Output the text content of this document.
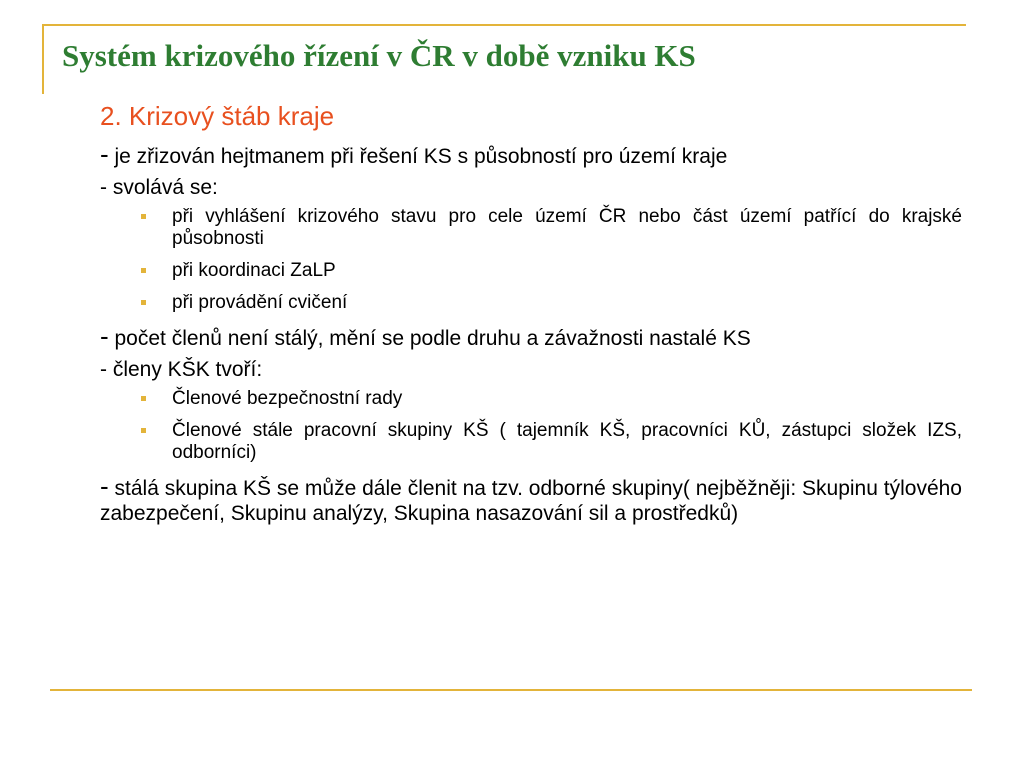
Systém krizového řízení v ČR v době vzniku KS
2. Krizový štáb kraje

- je zřizován hejtmanem při řešení KS s působností pro území kraje

- svolává se:

při vyhlášení krizového stavu pro cele území ČR nebo část území patřící do krajské působnosti
při koordinaci ZaLP
při provádění cvičení

- počet členů není stálý, mění se podle druhu a závažnosti nastalé KS

- členy KŠK tvoří:

Členové bezpečnostní rady
Členové stále pracovní skupiny KŠ ( tajemník KŠ, pracovníci KŮ, zástupci složek IZS, odborníci)

- stálá skupina KŠ se může dále členit na tzv. odborné skupiny( nejběžněji: Skupinu týlového zabezpečení, Skupinu analýzy, Skupina nasazování sil a prostředků)
